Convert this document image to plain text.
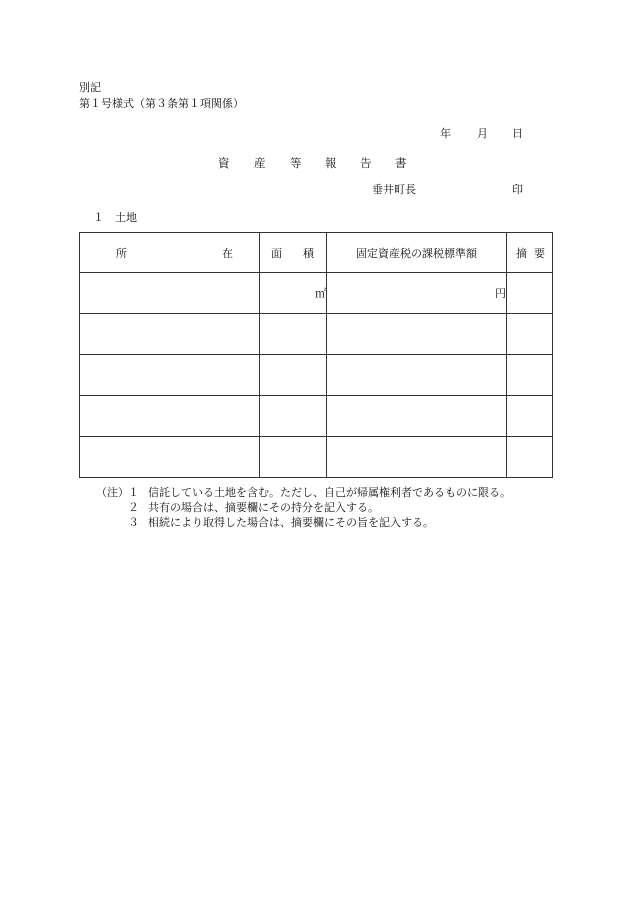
別記
第１号様式（第３条第１項関係）
年 月 日
資 産 等 報 告 書
垂井町長	印
１ 土地
所 在	面 積	固定資産税の課税標準額	摘 要

	㎡	円	

（注） １ 信託している土地を含む。ただし、自己が帰属権利者であるものに限る。
２ 共有の場合は、摘要欄にその持分を記入する。
３ 相続により取得した場合は、摘要欄にその旨を記入する。
